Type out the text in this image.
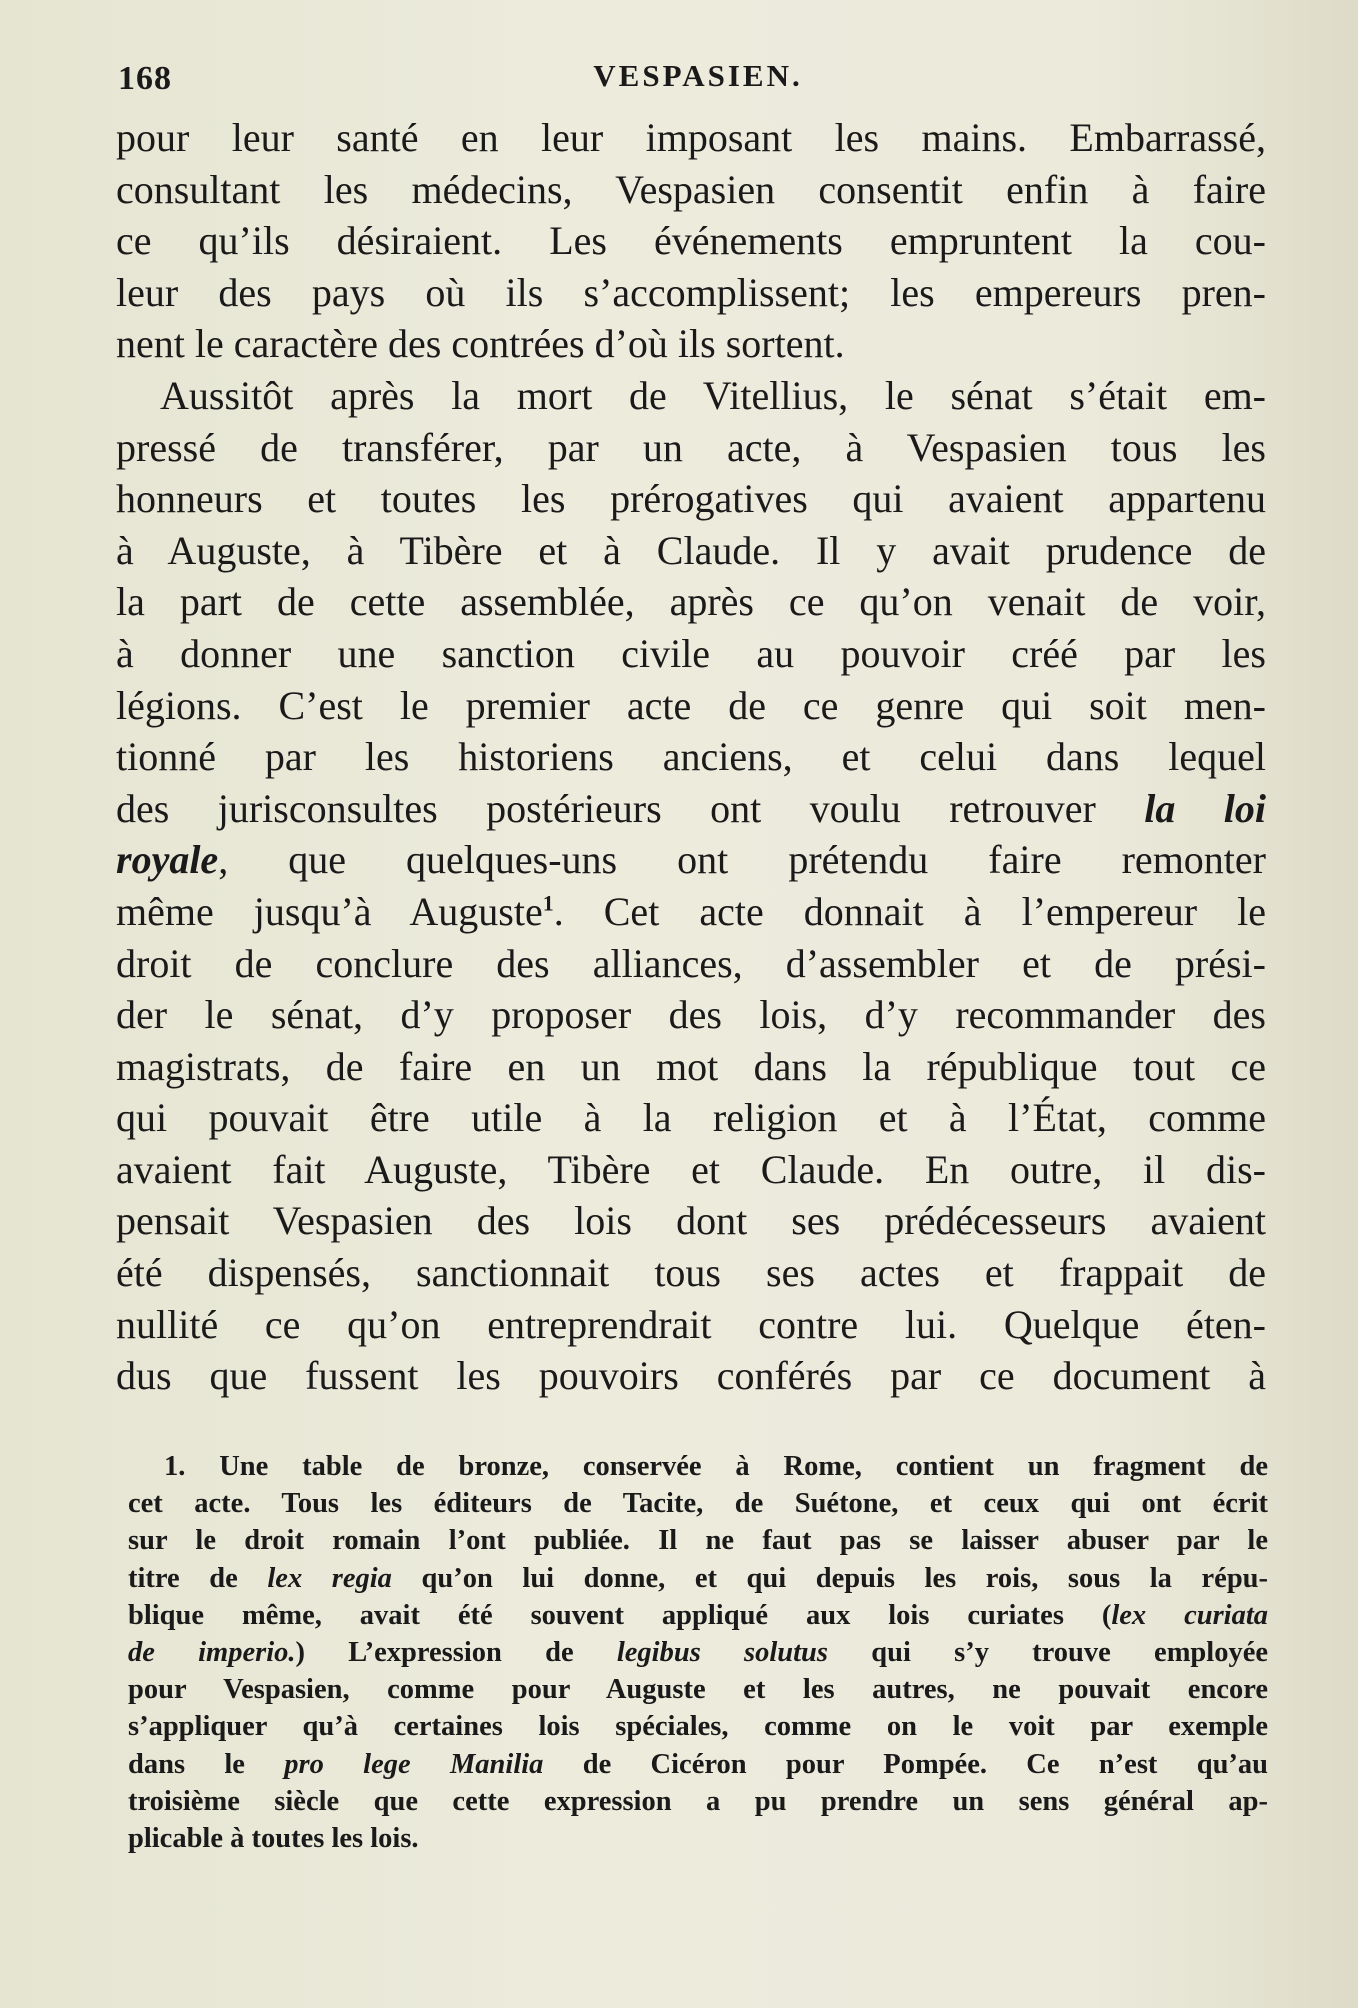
168	VESPASIEN.
pour leur santé en leur imposant les mains. Embarrassé,
consultant les médecins, Vespasien consentit enfin à faire
ce qu’ils désiraient. Les événements empruntent la cou-
leur des pays où ils s’accomplissent; les empereurs pren-
nent le caractère des contrées d’où ils sortent.
Aussitôt après la mort de Vitellius, le sénat s’était em-
pressé de transférer, par un acte, à Vespasien tous les
honneurs et toutes les prérogatives qui avaient appartenu
à Auguste, à Tibère et à Claude. Il y avait prudence de
la part de cette assemblée, après ce qu’on venait de voir,
à donner une sanction civile au pouvoir créé par les
légions. C’est le premier acte de ce genre qui soit men-
tionné par les historiens anciens, et celui dans lequel
des jurisconsultes postérieurs ont voulu retrouver la loi
royale, que quelques-uns ont prétendu faire remonter
même jusqu’à Auguste$^1$. Cet acte donnait à l’empereur le
droit de conclure des alliances, d’assembler et de prési-
der le sénat, d’y proposer des lois, d’y recommander des
magistrats, de faire en un mot dans la république tout ce
qui pouvait être utile à la religion et à l’État, comme
avaient fait Auguste, Tibère et Claude. En outre, il dis-
pensait Vespasien des lois dont ses prédécesseurs avaient
été dispensés, sanctionnait tous ses actes et frappait de
nullité ce qu’on entreprendrait contre lui. Quelque éten-
dus que fussent les pouvoirs conférés par ce document à
1. Une table de bronze, conservée à Rome, contient un fragment de
cet acte. Tous les éditeurs de Tacite, de Suétone, et ceux qui ont écrit
sur le droit romain l’ont publiée. Il ne faut pas se laisser abuser par le
titre de lex regia qu’on lui donne, et qui depuis les rois, sous la répu-
blique même, avait été souvent appliqué aux lois curiates (lex curiata
de imperio.) L’expression de legibus solutus qui s’y trouve employée
pour Vespasien, comme pour Auguste et les autres, ne pouvait encore
s’appliquer qu’à certaines lois spéciales, comme on le voit par exemple
dans le pro lege Manilia de Cicéron pour Pompée. Ce n’est qu’au
troisième siècle que cette expression a pu prendre un sens général ap-
plicable à toutes les lois.
